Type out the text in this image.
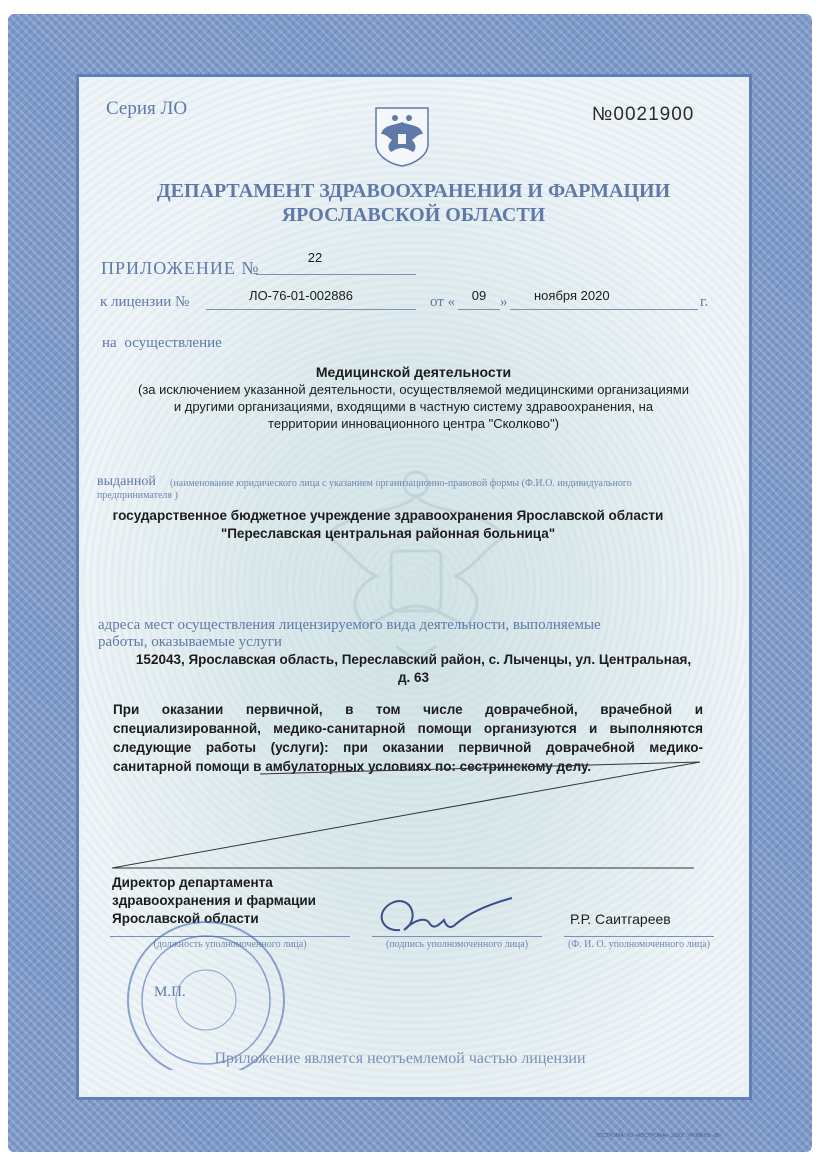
Серия ЛО	№0021900
ДЕПАРТАМЕНТ ЗДРАВООХРАНЕНИЯ И ФАРМАЦИИ
ЯРОСЛАВСКОЙ ОБЛАСТИ
ПРИЛОЖЕНИЕ №
22
к лицензии №	ЛО-76-01-002886	от «	09 » ноября 2020	г.
на осуществление
Медицинской деятельности
(за исключением указанной деятельности, осуществляемой медицинскими организациями
и другими организациями, входящими в частную систему здравоохранения, на
территории инновационного центра "Сколково")
выданной (наименование юридического лица с указанием организационно-правовой формы (Ф.И.О. индивидуального
предпринимателя )
государственное бюджетное учреждение здравоохранения Ярославской области
"Переславская центральная районная больница"
адреса мест осуществления лицензируемого вида деятельности, выполняемые
работы, оказываемые услуги
152043, Ярославская область, Переславский район, с. Лыченцы, ул. Центральная,
д. 63
При оказании первичной, в том числе доврачебной, врачебной и
специализированной, медико-санитарной помощи организуются и выполняются
следующие работы (услуги): при оказании первичной доврачебной медико-
санитарной помощи в амбулаторных условиях по: сестринскому делу.
Директор департамента
здравоохранения и фармации
Ярославской области	Р.Р. Саитгареев
(должность уполномоченного лица)	(подпись уполномоченного лица)	(Ф. И. О. уполномоченного лица)
М.П.
Приложение является неотъемлемой частью лицензии
ГОСТРОМА, ЛО «КОСТРОМА», 2020Г. УРОВЕНЬ «В»
